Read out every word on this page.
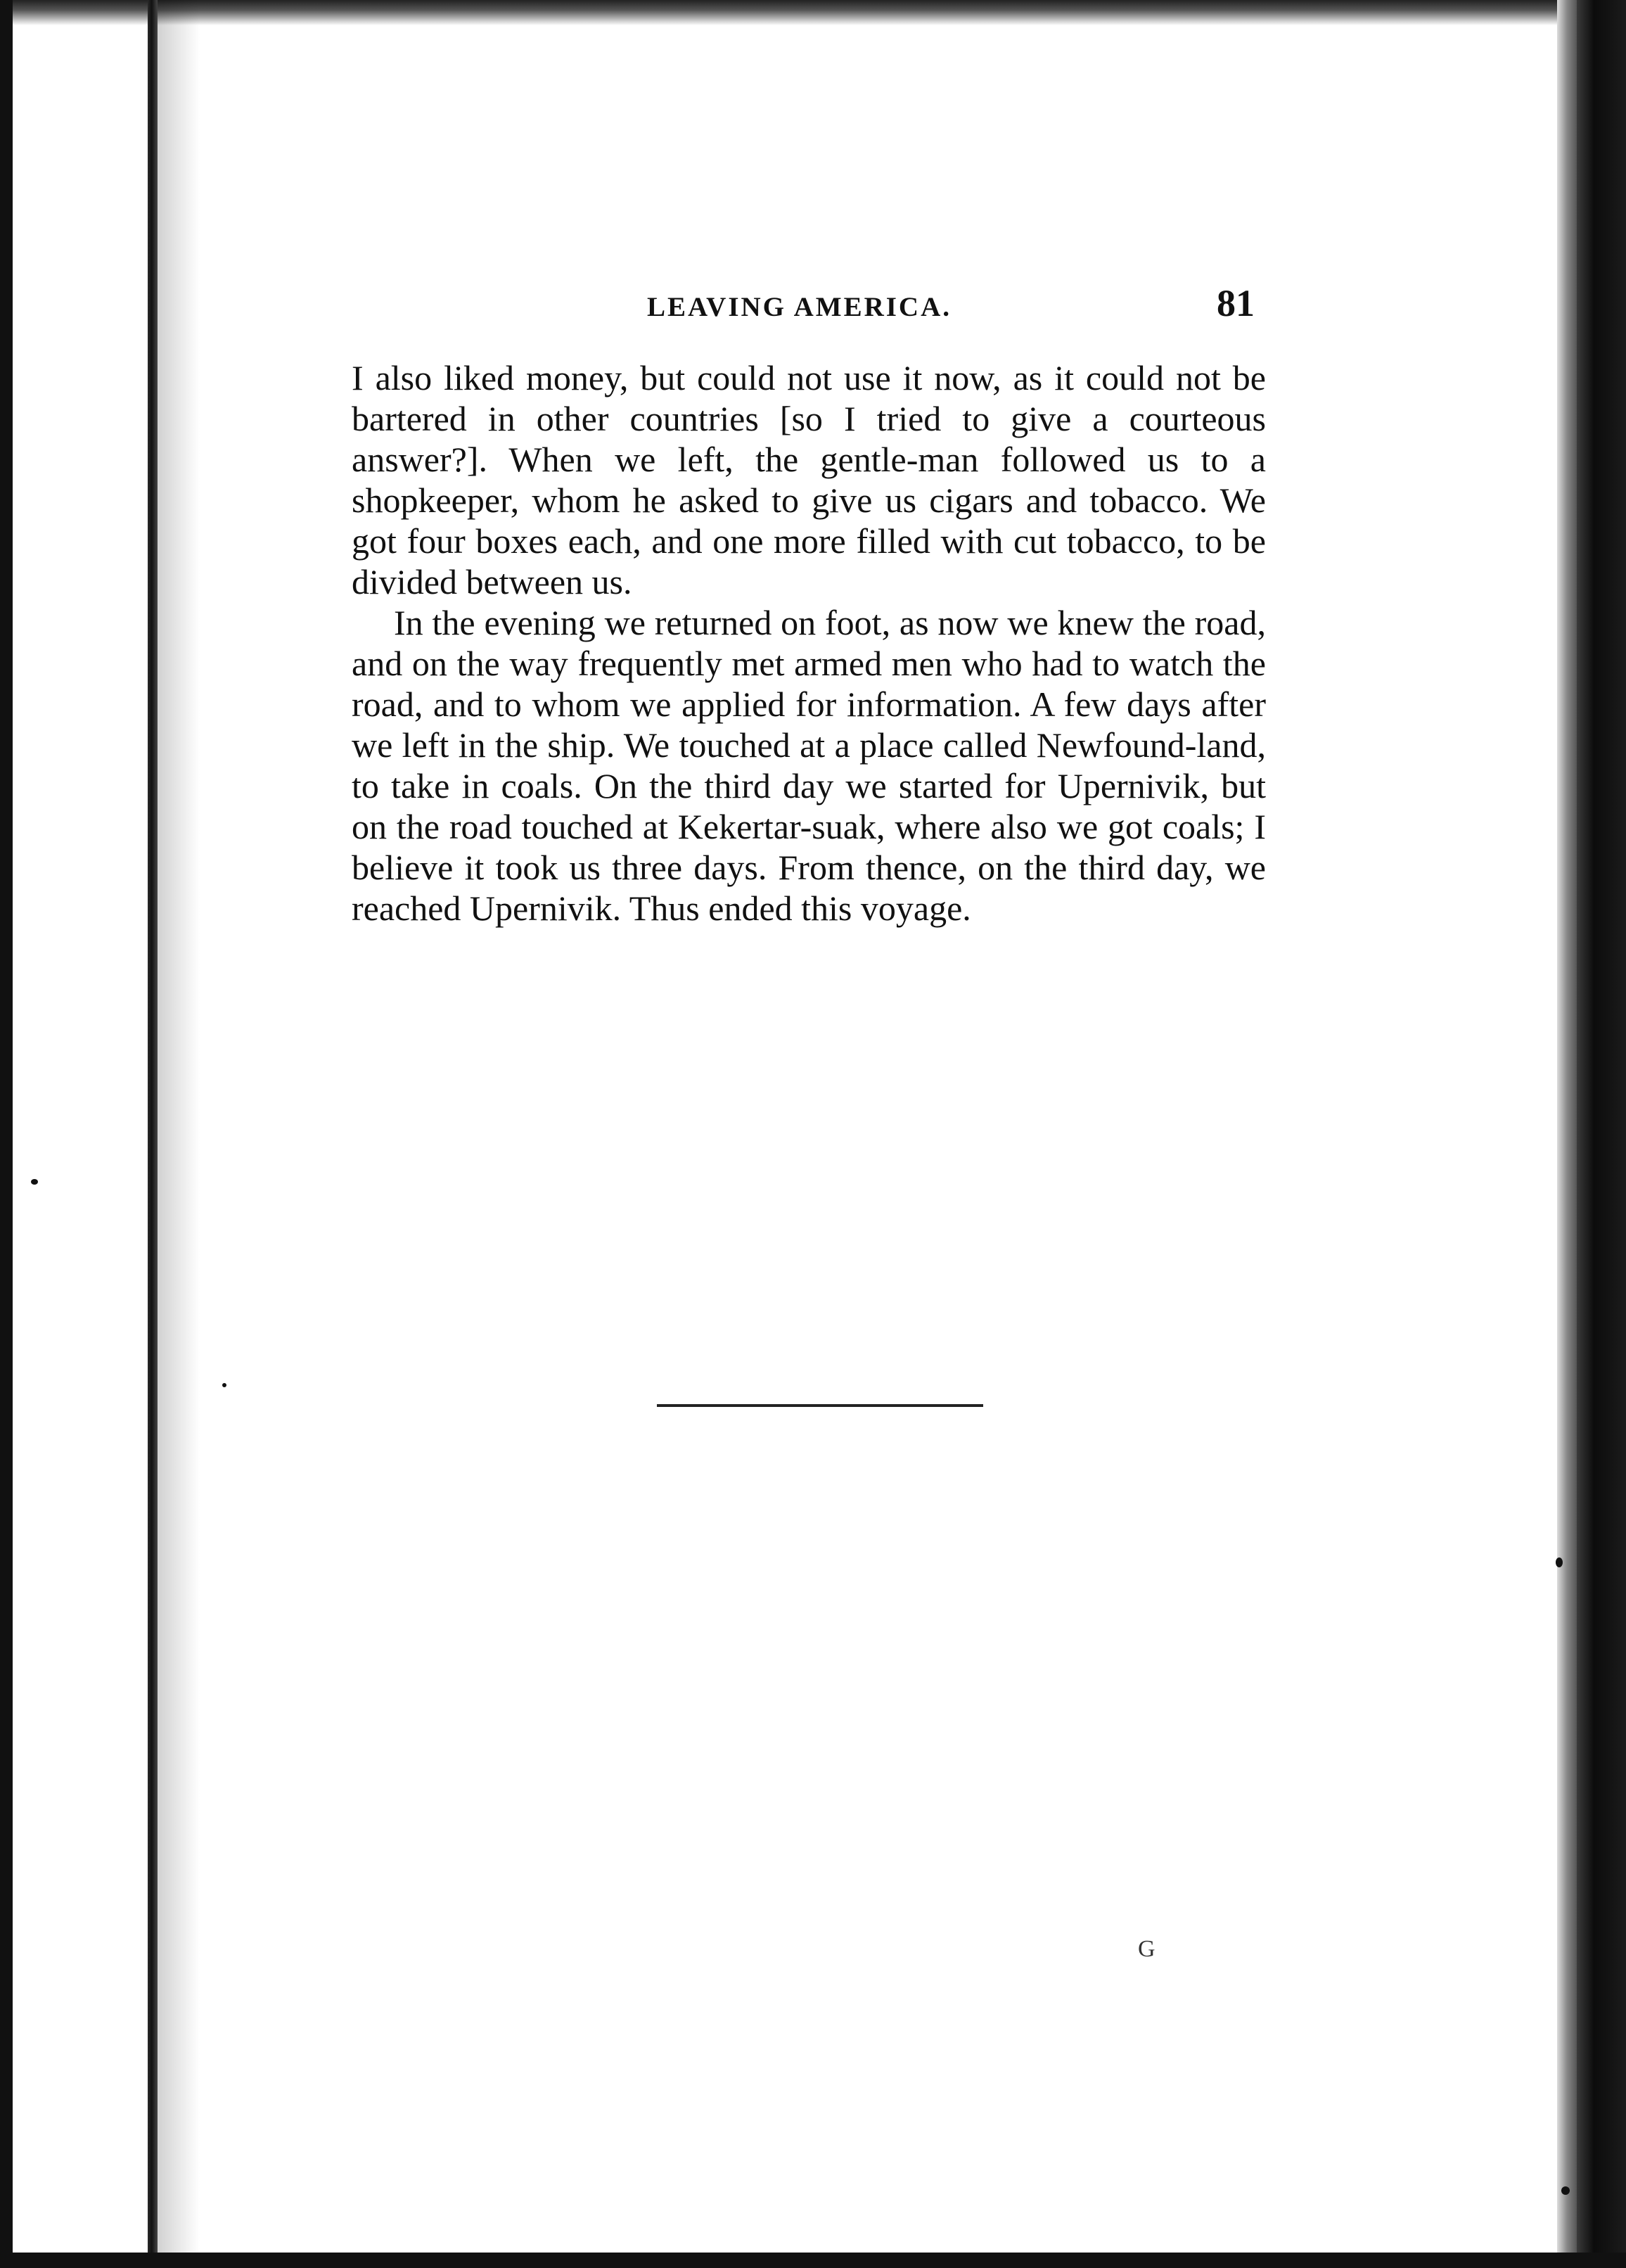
LEAVING AMERICA.	81

I also liked money, but could not use it now, as it could not be bartered in other countries [so I tried to give a courteous answer?]. When we left, the gentle-man followed us to a shopkeeper, whom he asked to give us cigars and tobacco. We got four boxes each, and one more filled with cut tobacco, to be divided between us.

In the evening we returned on foot, as now we knew the road, and on the way frequently met armed men who had to watch the road, and to whom we applied for information. A few days after we left in the ship. We touched at a place called Newfound-land, to take in coals. On the third day we started for Upernivik, but on the road touched at Kekertar-suak, where also we got coals; I believe it took us three days. From thence, on the third day, we reached Upernivik. Thus ended this voyage.

G
